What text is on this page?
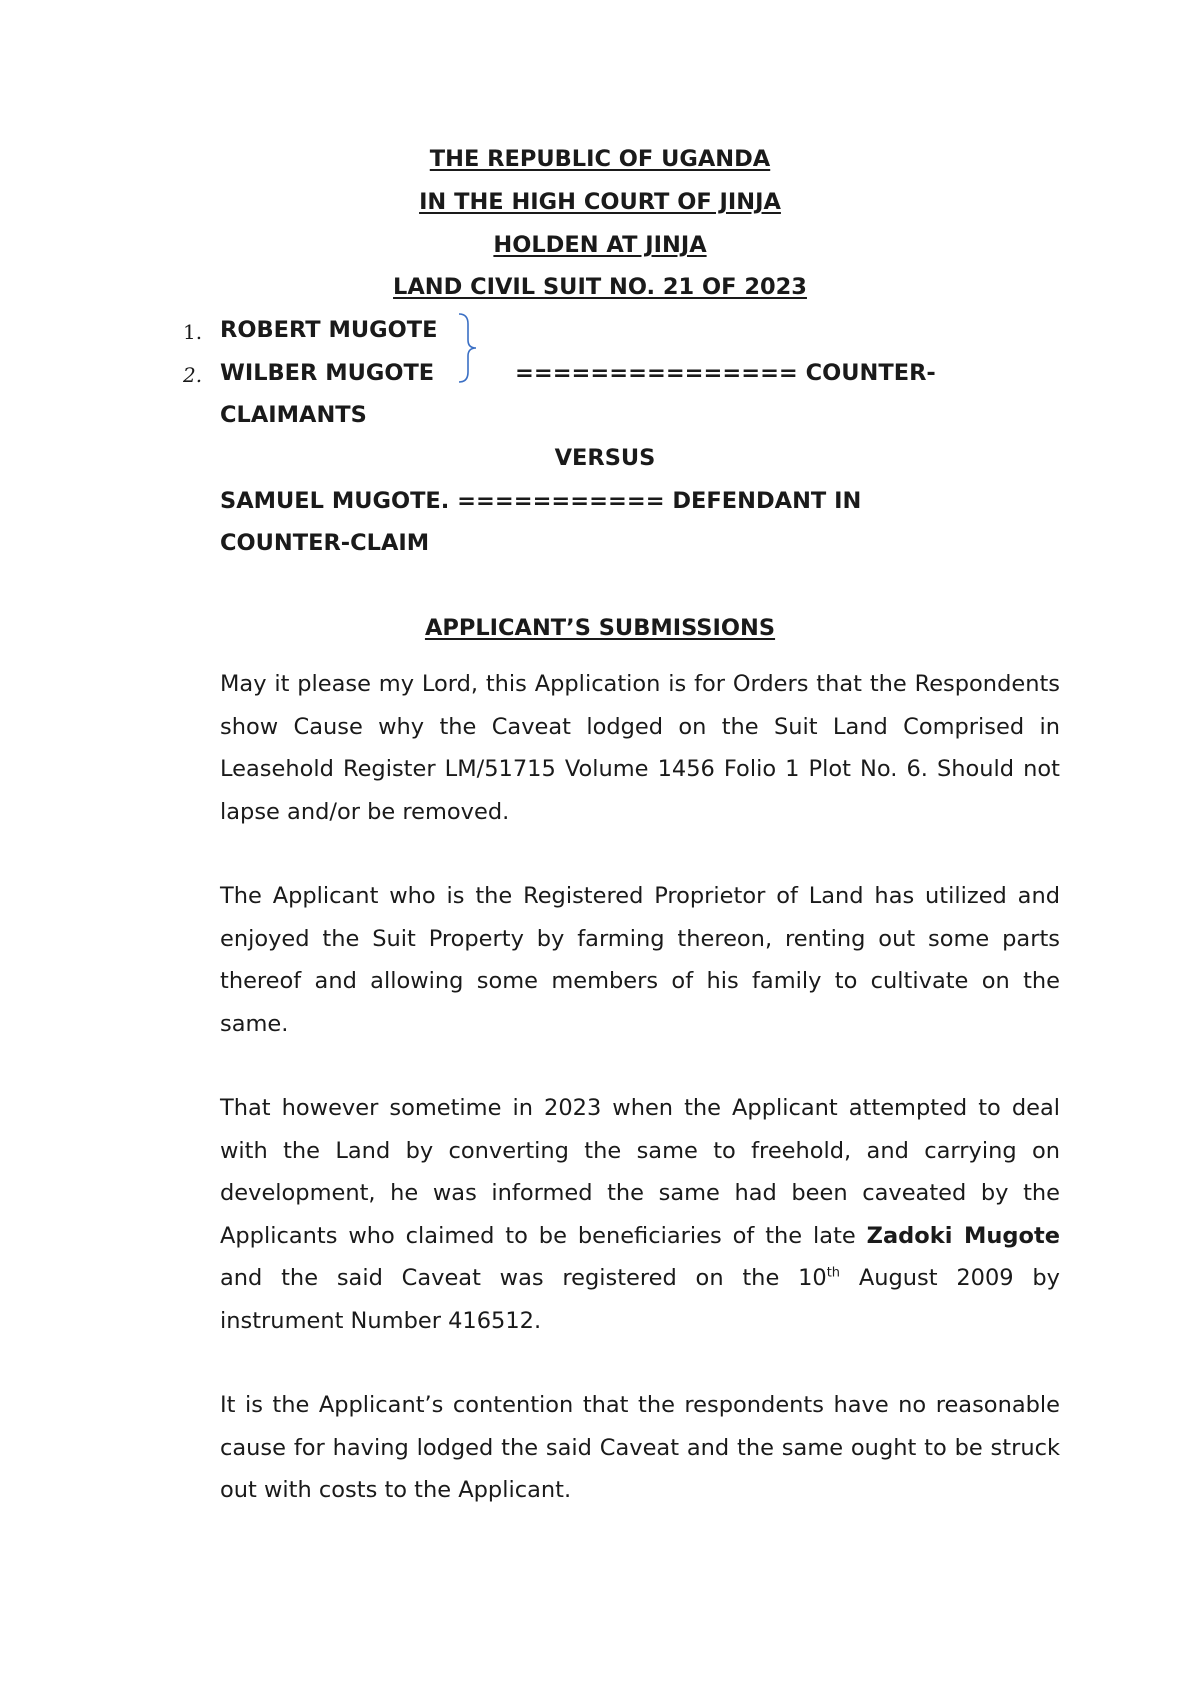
THE REPUBLIC OF UGANDA
IN THE HIGH COURT OF JINJA
HOLDEN AT JINJA
LAND CIVIL SUIT NO. 21 OF 2023
1. ROBERT MUGOTE
2. WILBER MUGOTE	=============== COUNTER-
CLAIMANTS
VERSUS
SAMUEL MUGOTE. =========== DEFENDANT IN
COUNTER-CLAIM
APPLICANT’S SUBMISSIONS

May it please my Lord, this Application is for Orders that the Respondents show Cause why the Caveat lodged on the Suit Land Comprised in Leasehold Register LM/51715 Volume 1456 Folio 1 Plot No. 6. Should not lapse and/or be removed.

The Applicant who is the Registered Proprietor of Land has utilized and enjoyed the Suit Property by farming thereon, renting out some parts thereof and allowing some members of his family to cultivate on the same.

That however sometime in 2023 when the Applicant attempted to deal with the Land by converting the same to freehold, and carrying on development, he was informed the same had been caveated by the Applicants who claimed to be beneficiaries of the late Zadoki Mugote and the said Caveat was registered on the 10th August 2009 by instrument Number 416512.

It is the Applicant’s contention that the respondents have no reasonable cause for having lodged the said Caveat and the same ought to be struck out with costs to the Applicant.
